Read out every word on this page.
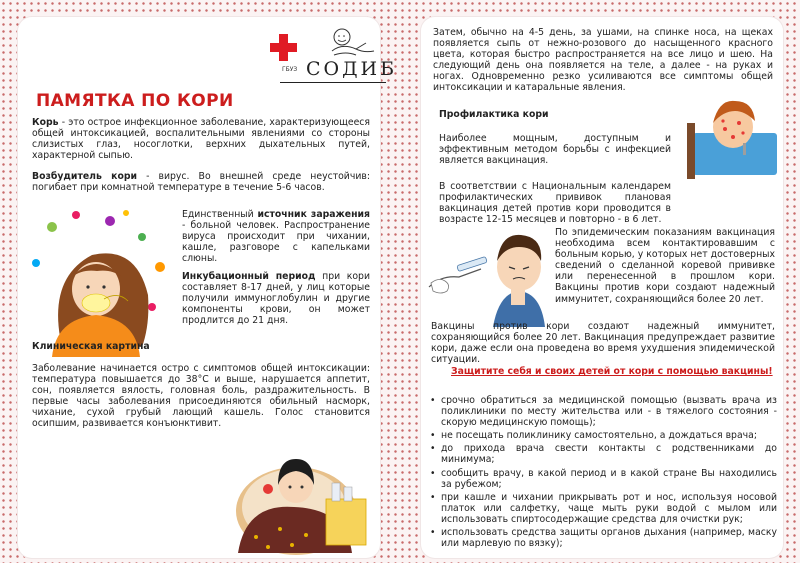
ГБУЗ СОДИБ
ПАМЯТКА ПО КОРИ

Корь - это острое инфекционное заболевание, характеризующееся общей интоксикацией, воспалительными явлениями со стороны слизистых глаз, носоглотки, верхних дыхательных путей, характерной сыпью.

Возбудитель кори - вирус. Во внешней среде неустойчив: погибает при комнатной температуре в течение 5-6 часов.

Единственный источник заражения - больной человек. Распространение вируса происходит при чихании, кашле, разговоре с капельками слюны.

Инкубационный период при кори составляет 8-17 дней, у лиц которые получили иммуноглобулин и другие компоненты крови, он может продлится до 21 дня.

Клиническая картина

Заболевание начинается остро с симптомов общей интоксикации: температура повышается до 38°С и выше, нарушается аппетит, сон, появляется вялость, головная боль, раздражительность. В первые часы заболевания присоединяются обильный насморк, чихание, сухой грубый лающий кашель. Голос становится осипшим, развивается конъюнктивит.

Затем, обычно на 4-5 день, за ушами, на спинке носа, на щеках появляется сыпь от нежно-розового до насыщенного красного цвета, которая быстро распространяется на все лицо и шею. На следующий день она появляется на теле, а далее - на руках и ногах. Одновременно резко усиливаются все симптомы общей интоксикации и катаральные явления.

Профилактика кори

Наиболее мощным, доступным и эффективным методом борьбы с инфекцией является вакцинация.

В соответствии с Национальным календарем профилактических прививок плановая вакцинация детей против кори проводится в возрасте 12-15 месяцев и повторно - в 6 лет.

По эпидемическим показаниям вакцинация необходима всем контактировавшим с больным корью, у которых нет достоверных сведений о сделанной коревой прививке или перенесенной в прошлом кори. Вакцины против кори создают надежный иммунитет, сохраняющийся более 20 лет.

Вакцины против кори создают надежный иммунитет, сохраняющийся более 20 лет. Вакцинация предупреждает развитие кори, даже если она проведена во время ухудшения эпидемической ситуации.

Защитите себя и своих детей от кори с помощью вакцины!

• срочно обратиться за медицинской помощью (вызвать врача из поликлиники по месту жительства или - в тяжелого состояния - скорую медицинскую помощь);
• не посещать поликлинику самостоятельно, а дождаться врача;
• до прихода врача свести контакты с родственниками до минимума;
• сообщить врачу, в какой период и в какой стране Вы находились за рубежом;
• при кашле и чихании прикрывать рот и нос, используя носовой платок или салфетку, чаще мыть руки водой с мылом или использовать спиртосодержащие средства для очистки рук;
• использовать средства защиты органов дыхания (например, маску или марлевую по вязку);
